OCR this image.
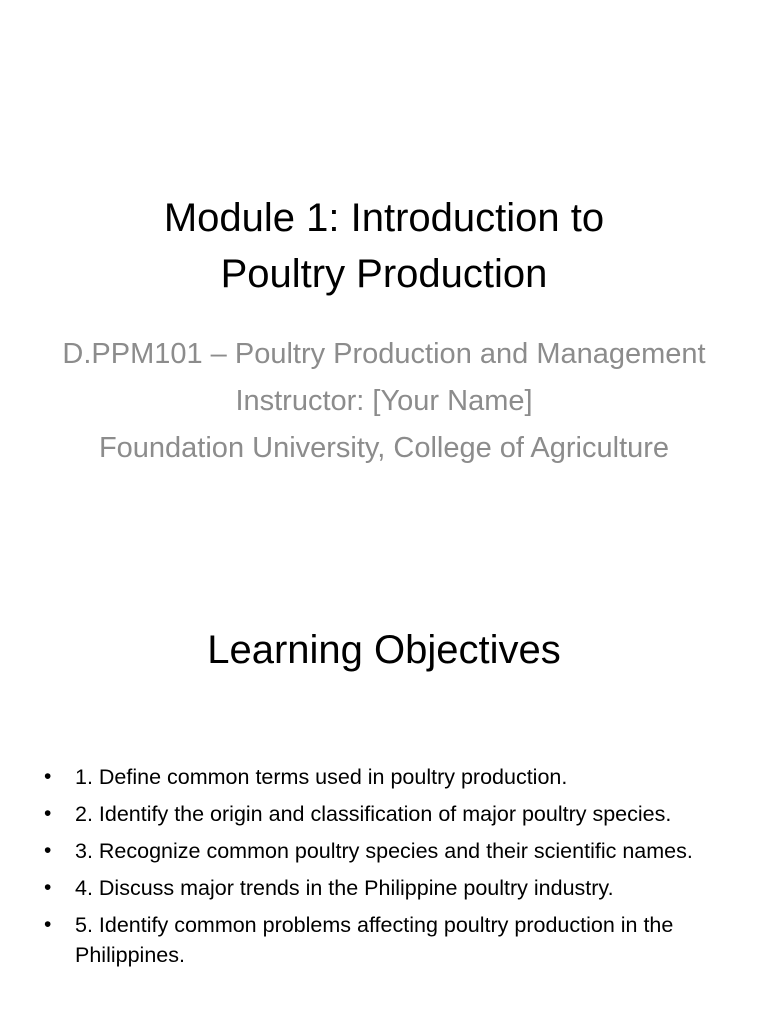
Module 1: Introduction to
Poultry Production

D.PPM101 – Poultry Production and Management

Instructor: [Your Name]

Foundation University, College of Agriculture

Learning Objectives
• 1. Define common terms used in poultry production.
• 2. Identify the origin and classification of major poultry species.
• 3. Recognize common poultry species and their scientific names.
• 4. Discuss major trends in the Philippine poultry industry.
• 5. Identify common problems affecting poultry production in the Philippines.
